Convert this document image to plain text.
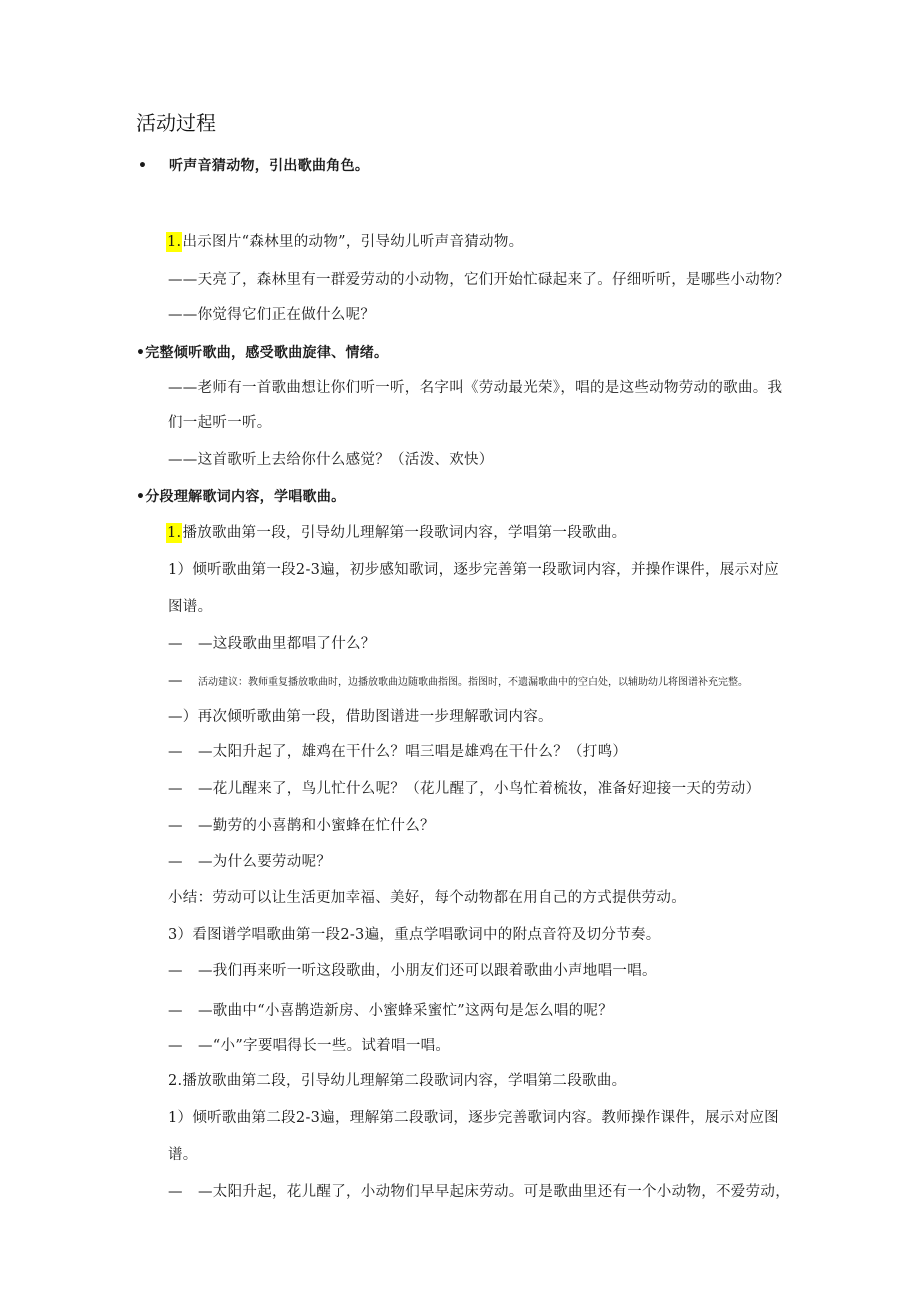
活动过程
• 听声音猜动物，引出歌曲角色。
1.出示图片“森林里的动物”，引导幼儿听声音猜动物。
——天亮了，森林里有一群爱劳动的小动物，它们开始忙碌起来了。仔细听听，是哪些小动物？
——你觉得它们正在做什么呢？
•完整倾听歌曲，感受歌曲旋律、情绪。
——老师有一首歌曲想让你们听一听，名字叫《劳动最光荣》，唱的是这些动物劳动的歌曲。我
们一起听一听。
——这首歌听上去给你什么感觉？（活泼、欢快）
•分段理解歌词内容，学唱歌曲。
1.播放歌曲第一段，引导幼儿理解第一段歌词内容，学唱第一段歌曲。
1）倾听歌曲第一段2-3遍，初步感知歌词，逐步完善第一段歌词内容，并操作课件，展示对应
图谱。
— —这段歌曲里都唱了什么？
— 活动建议：教师重复播放歌曲时，边播放歌曲边随歌曲指图。指图时，不遗漏歌曲中的空白处，以辅助幼儿将图谱补充完整。
—）再次倾听歌曲第一段，借助图谱进一步理解歌词内容。
— —太阳升起了，雄鸡在干什么？唱三唱是雄鸡在干什么？（打鸣）
— —花儿醒来了，鸟儿忙什么呢？（花儿醒了，小鸟忙着梳妆，准备好迎接一天的劳动）
— —勤劳的小喜鹊和小蜜蜂在忙什么？
— —为什么要劳动呢？
小结：劳动可以让生活更加幸福、美好，每个动物都在用自己的方式提供劳动。
3）看图谱学唱歌曲第一段2-3遍，重点学唱歌词中的附点音符及切分节奏。
— —我们再来听一听这段歌曲，小朋友们还可以跟着歌曲小声地唱一唱。
— —歌曲中“小喜鹊造新房、小蜜蜂采蜜忙”这两句是怎么唱的呢？
— —“小”字要唱得长一些。试着唱一唱。
2.播放歌曲第二段，引导幼儿理解第二段歌词内容，学唱第二段歌曲。
1）倾听歌曲第二段2-3遍，理解第二段歌词，逐步完善歌词内容。教师操作课件，展示对应图
谱。
— —太阳升起，花儿醒了，小动物们早早起床劳动。可是歌曲里还有一个小动物，不爱劳动，
